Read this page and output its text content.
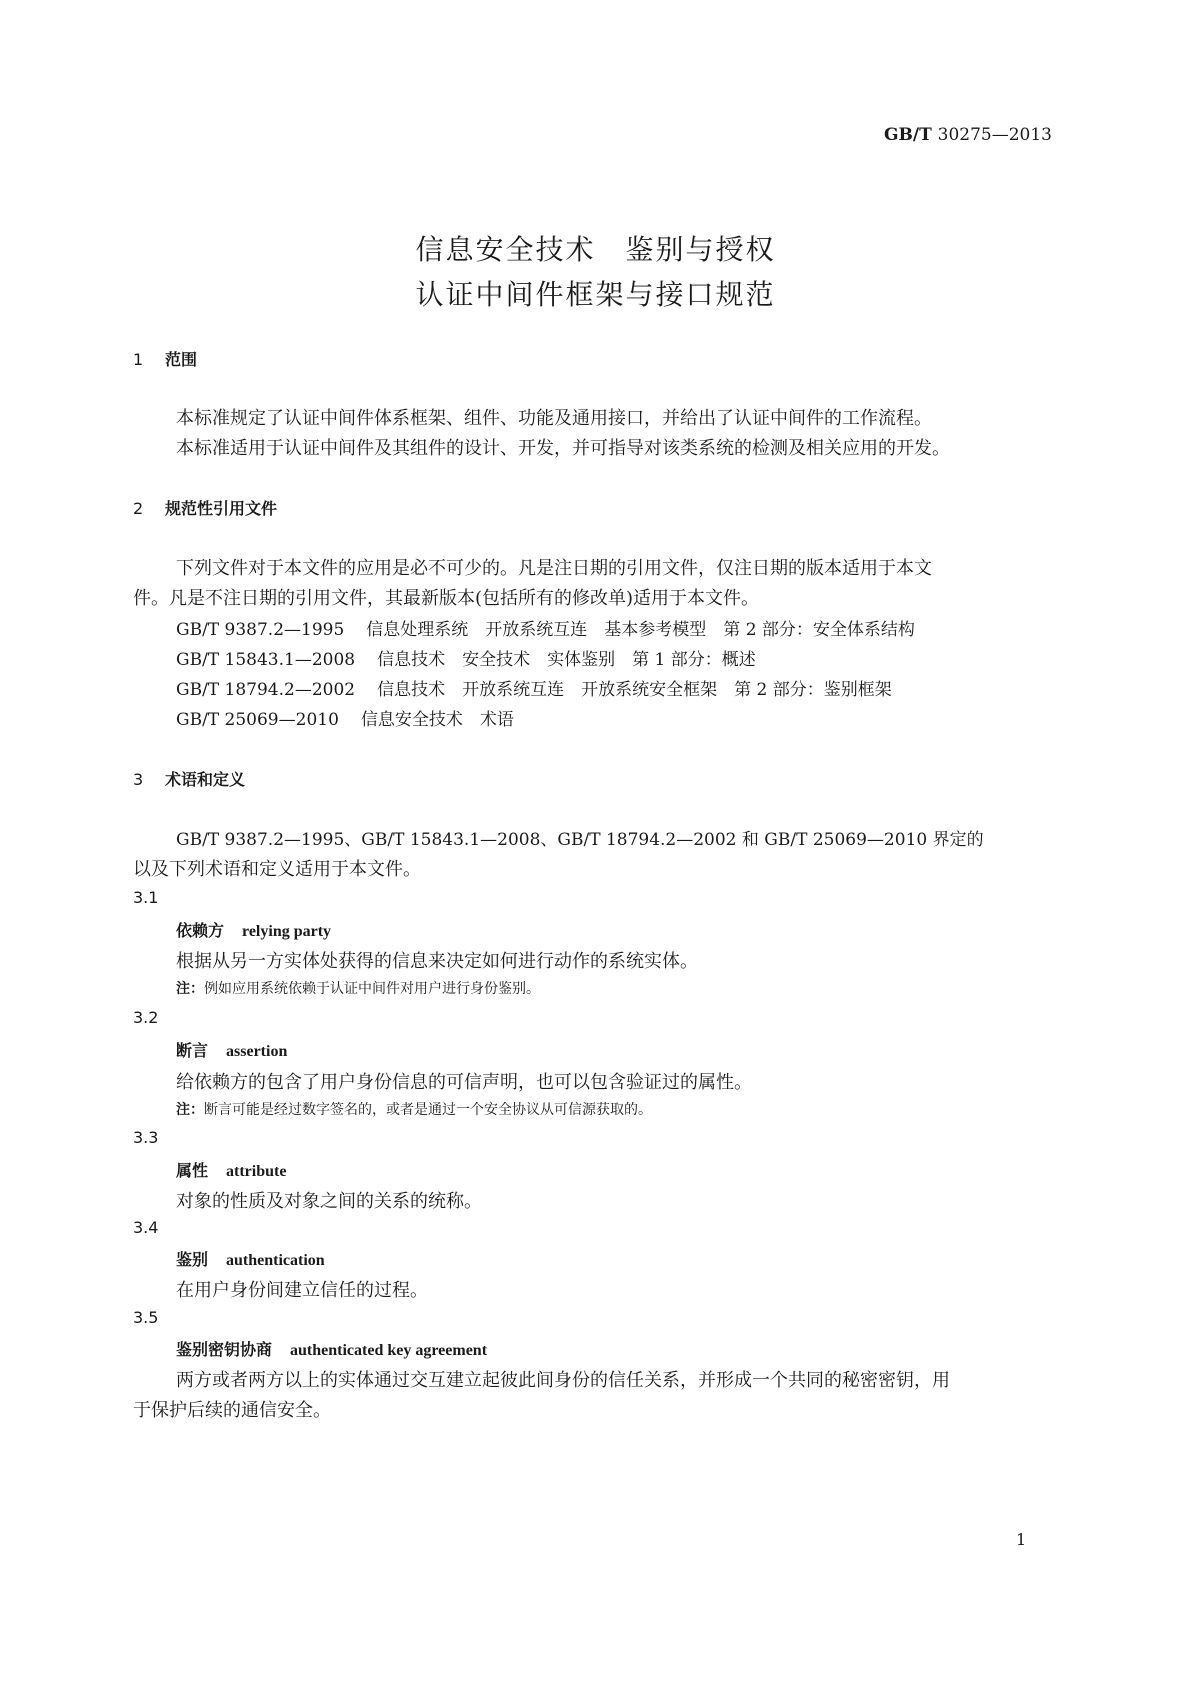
GB/T 30275—2013
信息安全技术　鉴别与授权
认证中间件框架与接口规范
1 范围
本标准规定了认证中间件体系框架、组件、功能及通用接口，并给出了认证中间件的工作流程。
本标准适用于认证中间件及其组件的设计、开发，并可指导对该类系统的检测及相关应用的开发。
2 规范性引用文件
下列文件对于本文件的应用是必不可少的。凡是注日期的引用文件，仅注日期的版本适用于本文
件。凡是不注日期的引用文件，其最新版本(包括所有的修改单)适用于本文件。
GB/T 9387.2—1995 信息处理系统　开放系统互连　基本参考模型　第 2 部分：安全体系结构
GB/T 15843.1—2008 信息技术　安全技术　实体鉴别　第 1 部分：概述
GB/T 18794.2—2002 信息技术　开放系统互连　开放系统安全框架　第 2 部分：鉴别框架
GB/T 25069—2010 信息安全技术　术语
3 术语和定义
GB/T 9387.2—1995、GB/T 15843.1—2008、GB/T 18794.2—2002 和 GB/T 25069—2010 界定的
以及下列术语和定义适用于本文件。
3.1
依赖方 relying party
根据从另一方实体处获得的信息来决定如何进行动作的系统实体。
注：例如应用系统依赖于认证中间件对用户进行身份鉴别。
3.2
断言 assertion
给依赖方的包含了用户身份信息的可信声明，也可以包含验证过的属性。
注：断言可能是经过数字签名的，或者是通过一个安全协议从可信源获取的。
3.3
属性 attribute
对象的性质及对象之间的关系的统称。
3.4
鉴别 authentication
在用户身份间建立信任的过程。
3.5
鉴别密钥协商 authenticated key agreement
两方或者两方以上的实体通过交互建立起彼此间身份的信任关系，并形成一个共同的秘密密钥，用
于保护后续的通信安全。
1
